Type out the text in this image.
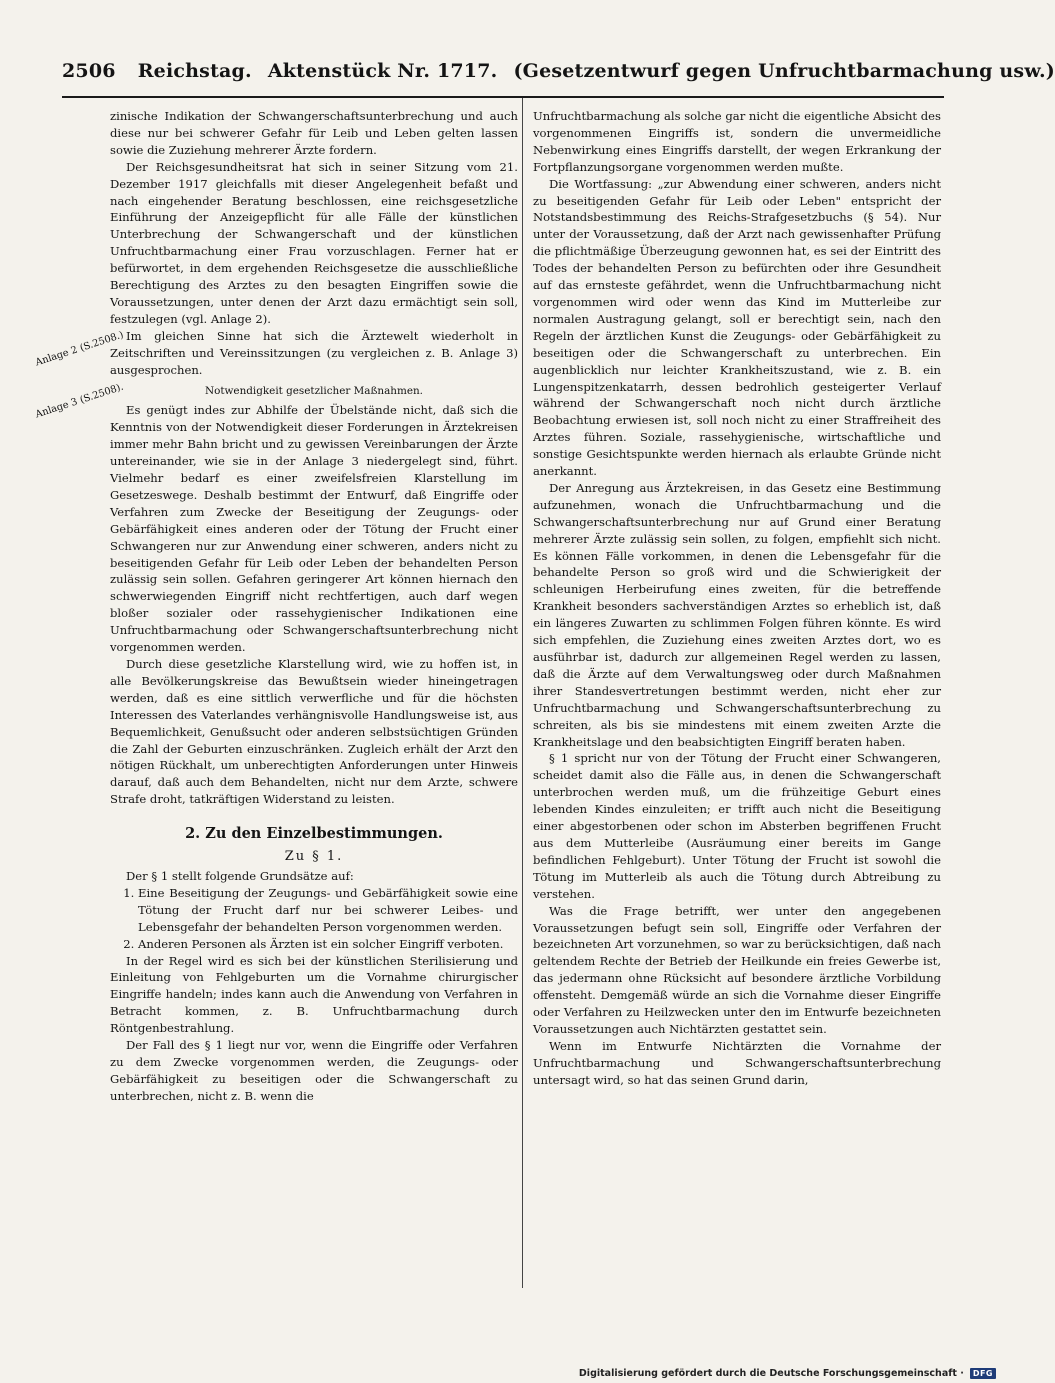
2506 Reichstag. Aktenstück Nr. 1717. (Gesetzentwurf gegen Unfruchtbarmachung usw.)
Anlage 2 (S.2508.)
Anlage 3 (S.2508).

zinische Indikation der Schwangerschaftsunterbrechung und auch diese nur bei schwerer Gefahr für Leib und Leben gelten lassen sowie die Zuziehung mehrerer Ärzte fordern.

Der Reichsgesundheitsrat hat sich in seiner Sitzung vom 21. Dezember 1917 gleichfalls mit dieser Angelegenheit befaßt und nach eingehender Beratung beschlossen, eine reichsgesetzliche Einführung der Anzeigepflicht für alle Fälle der künstlichen Unterbrechung der Schwangerschaft und der künstlichen Unfruchtbarmachung einer Frau vorzuschlagen. Ferner hat er befürwortet, in dem ergehenden Reichsgesetze die ausschließliche Berechtigung des Arztes zu den besagten Eingriffen sowie die Voraussetzungen, unter denen der Arzt dazu ermächtigt sein soll, festzulegen (vgl. Anlage 2).

Im gleichen Sinne hat sich die Ärztewelt wiederholt in Zeitschriften und Vereinssitzungen (zu vergleichen z. B. Anlage 3) ausgesprochen.

Notwendigkeit gesetzlicher Maßnahmen.

Es genügt indes zur Abhilfe der Übelstände nicht, daß sich die Kenntnis von der Notwendigkeit dieser Forderungen in Ärztekreisen immer mehr Bahn bricht und zu gewissen Vereinbarungen der Ärzte untereinander, wie sie in der Anlage 3 niedergelegt sind, führt. Vielmehr bedarf es einer zweifelsfreien Klarstellung im Gesetzeswege. Deshalb bestimmt der Entwurf, daß Eingriffe oder Verfahren zum Zwecke der Beseitigung der Zeugungs- oder Gebärfähigkeit eines anderen oder der Tötung der Frucht einer Schwangeren nur zur Anwendung einer schweren, anders nicht zu beseitigenden Gefahr für Leib oder Leben der behandelten Person zulässig sein sollen. Gefahren geringerer Art können hiernach den schwerwiegenden Eingriff nicht rechtfertigen, auch darf wegen bloßer sozialer oder rassehygienischer Indikationen eine Unfruchtbarmachung oder Schwangerschaftsunterbrechung nicht vorgenommen werden.

Durch diese gesetzliche Klarstellung wird, wie zu hoffen ist, in alle Bevölkerungskreise das Bewußtsein wieder hineingetragen werden, daß es eine sittlich verwerfliche und für die höchsten Interessen des Vaterlandes verhängnisvolle Handlungsweise ist, aus Bequemlichkeit, Genußsucht oder anderen selbstsüchtigen Gründen die Zahl der Geburten einzuschränken. Zugleich erhält der Arzt den nötigen Rückhalt, um unberechtigten Anforderungen unter Hinweis darauf, daß auch dem Behandelten, nicht nur dem Arzte, schwere Strafe droht, tatkräftigen Widerstand zu leisten.

2. Zu den Einzelbestimmungen.
Zu § 1.

Der § 1 stellt folgende Grundsätze auf:

1. Eine Beseitigung der Zeugungs- und Gebärfähigkeit sowie eine Tötung der Frucht darf nur bei schwerer Leibes- und Lebensgefahr der behandelten Person vorgenommen werden.
2. Anderen Personen als Ärzten ist ein solcher Eingriff verboten.

In der Regel wird es sich bei der künstlichen Sterilisierung und Einleitung von Fehlgeburten um die Vornahme chirurgischer Eingriffe handeln; indes kann auch die Anwendung von Verfahren in Betracht kommen, z. B. Unfruchtbarmachung durch Röntgenbestrahlung.

Der Fall des § 1 liegt nur vor, wenn die Eingriffe oder Verfahren zu dem Zwecke vorgenommen werden, die Zeugungs- oder Gebärfähigkeit zu beseitigen oder die Schwangerschaft zu unterbrechen, nicht z. B. wenn die

Unfruchtbarmachung als solche gar nicht die eigentliche Absicht des vorgenommenen Eingriffs ist, sondern die unvermeidliche Nebenwirkung eines Eingriffs darstellt, der wegen Erkrankung der Fortpflanzungsorgane vorgenommen werden mußte.

Die Wortfassung: „zur Abwendung einer schweren, anders nicht zu beseitigenden Gefahr für Leib oder Leben" entspricht der Notstandsbestimmung des Reichs-Strafgesetzbuchs (§ 54). Nur unter der Voraussetzung, daß der Arzt nach gewissenhafter Prüfung die pflichtmäßige Überzeugung gewonnen hat, es sei der Eintritt des Todes der behandelten Person zu befürchten oder ihre Gesundheit auf das ernsteste gefährdet, wenn die Unfruchtbarmachung nicht vorgenommen wird oder wenn das Kind im Mutterleibe zur normalen Austragung gelangt, soll er berechtigt sein, nach den Regeln der ärztlichen Kunst die Zeugungs- oder Gebärfähigkeit zu beseitigen oder die Schwangerschaft zu unterbrechen. Ein augenblicklich nur leichter Krankheitszustand, wie z. B. ein Lungenspitzenkatarrh, dessen bedrohlich gesteigerter Verlauf während der Schwangerschaft noch nicht durch ärztliche Beobachtung erwiesen ist, soll noch nicht zu einer Straffreiheit des Arztes führen. Soziale, rassehygienische, wirtschaftliche und sonstige Gesichtspunkte werden hiernach als erlaubte Gründe nicht anerkannt.

Der Anregung aus Ärztekreisen, in das Gesetz eine Bestimmung aufzunehmen, wonach die Unfruchtbarmachung und die Schwangerschaftsunterbrechung nur auf Grund einer Beratung mehrerer Ärzte zulässig sein sollen, zu folgen, empfiehlt sich nicht. Es können Fälle vorkommen, in denen die Lebensgefahr für die behandelte Person so groß wird und die Schwierigkeit der schleunigen Herbeirufung eines zweiten, für die betreffende Krankheit besonders sachverständigen Arztes so erheblich ist, daß ein längeres Zuwarten zu schlimmen Folgen führen könnte. Es wird sich empfehlen, die Zuziehung eines zweiten Arztes dort, wo es ausführbar ist, dadurch zur allgemeinen Regel werden zu lassen, daß die Ärzte auf dem Verwaltungsweg oder durch Maßnahmen ihrer Standesvertretungen bestimmt werden, nicht eher zur Unfruchtbarmachung und Schwangerschaftsunterbrechung zu schreiten, als bis sie mindestens mit einem zweiten Arzte die Krankheitslage und den beabsichtigten Eingriff beraten haben.

§ 1 spricht nur von der Tötung der Frucht einer Schwangeren, scheidet damit also die Fälle aus, in denen die Schwangerschaft unterbrochen werden muß, um die frühzeitige Geburt eines lebenden Kindes einzuleiten; er trifft auch nicht die Beseitigung einer abgestorbenen oder schon im Absterben begriffenen Frucht aus dem Mutterleibe (Ausräumung einer bereits im Gange befindlichen Fehlgeburt). Unter Tötung der Frucht ist sowohl die Tötung im Mutterleib als auch die Tötung durch Abtreibung zu verstehen.

Was die Frage betrifft, wer unter den angegebenen Voraussetzungen befugt sein soll, Eingriffe oder Verfahren der bezeichneten Art vorzunehmen, so war zu berücksichtigen, daß nach geltendem Rechte der Betrieb der Heilkunde ein freies Gewerbe ist, das jedermann ohne Rücksicht auf besondere ärztliche Vorbildung offensteht. Demgemäß würde an sich die Vornahme dieser Eingriffe oder Verfahren zu Heilzwecken unter den im Entwurfe bezeichneten Voraussetzungen auch Nichtärzten gestattet sein.

Wenn im Entwurfe Nichtärzten die Vornahme der Unfruchtbarmachung und Schwangerschaftsunterbrechung untersagt wird, so hat das seinen Grund darin,

Digitalisierung gefördert durch die Deutsche Forschungsgemeinschaft ·	DFG
